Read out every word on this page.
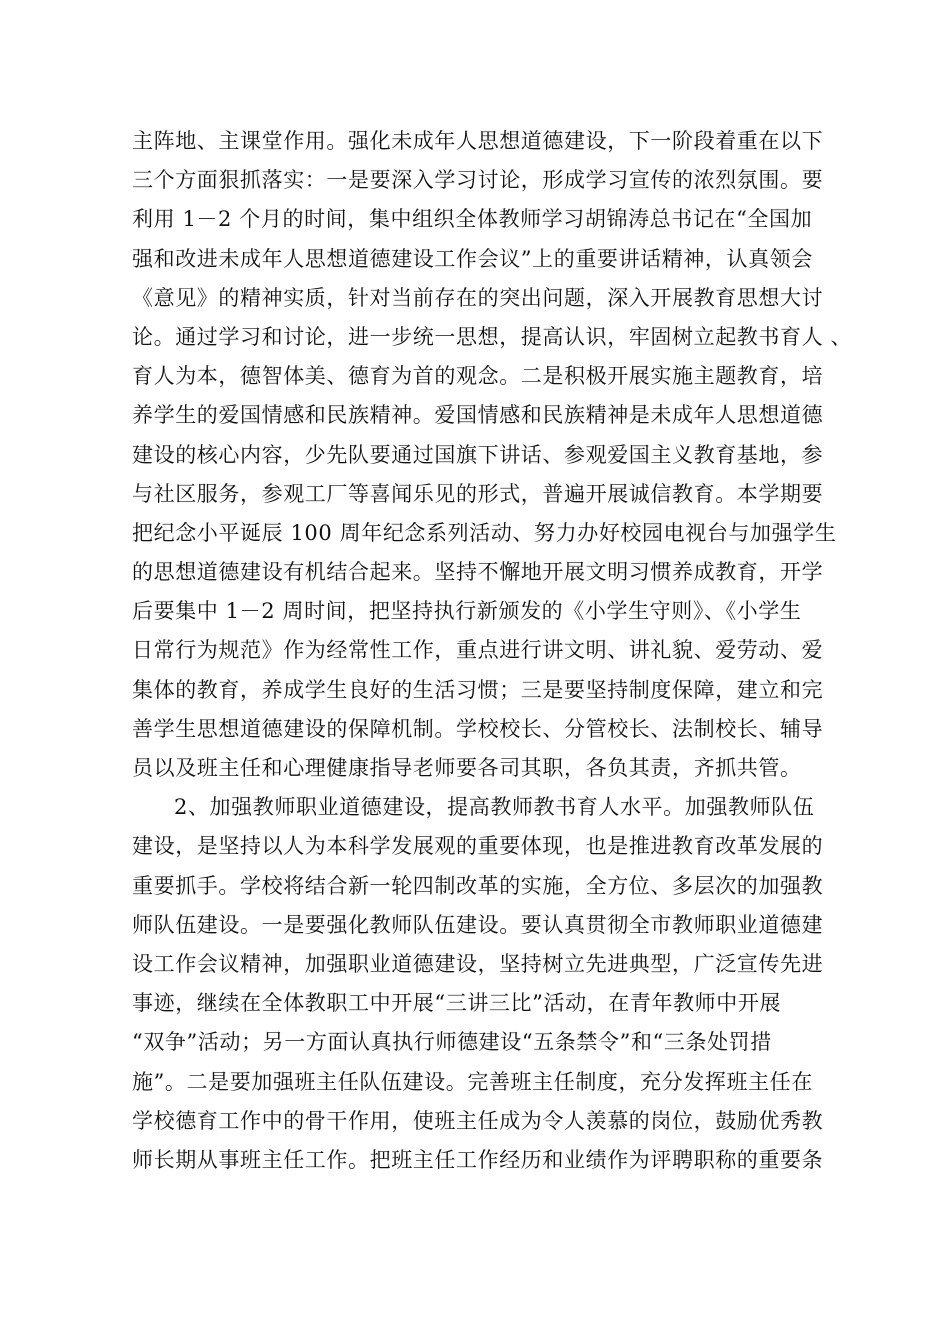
主阵地、主课堂作用。强化未成年人思想道德建设，下一阶段着重在以下
三个方面狠抓落实：一是要深入学习讨论，形成学习宣传的浓烈氛围。要
利用 1－2 个月的时间，集中组织全体教师学习胡锦涛总书记在“全国加
强和改进未成年人思想道德建设工作会议”上的重要讲话精神，认真领会
《意见》的精神实质，针对当前存在的突出问题，深入开展教育思想大讨
论。通过学习和讨论，进一步统一思想，提高认识，牢固树立起教书育人 、
育人为本，德智体美、德育为首的观念。二是积极开展实施主题教育，培
养学生的爱国情感和民族精神。爱国情感和民族精神是未成年人思想道德
建设的核心内容，少先队要通过国旗下讲话、参观爱国主义教育基地，参
与社区服务，参观工厂等喜闻乐见的形式，普遍开展诚信教育。本学期要
把纪念小平诞辰 100 周年纪念系列活动、努力办好校园电视台与加强学生
的思想道德建设有机结合起来。坚持不懈地开展文明习惯养成教育，开学
后要集中 1－2 周时间，把坚持执行新颁发的《小学生守则》、《小学生
日常行为规范》作为经常性工作，重点进行讲文明、讲礼貌、爱劳动、爱
集体的教育，养成学生良好的生活习惯；三是要坚持制度保障，建立和完
善学生思想道德建设的保障机制。学校校长、分管校长、法制校长、辅导
员以及班主任和心理健康指导老师要各司其职，各负其责，齐抓共管。
2、加强教师职业道德建设，提高教师教书育人水平。加强教师队伍
建设，是坚持以人为本科学发展观的重要体现，也是推进教育改革发展的
重要抓手。学校将结合新一轮四制改革的实施，全方位、多层次的加强教
师队伍建设。一是要强化教师队伍建设。要认真贯彻全市教师职业道德建
设工作会议精神，加强职业道德建设，坚持树立先进典型，广泛宣传先进
事迹，继续在全体教职工中开展“三讲三比”活动，在青年教师中开展
“双争”活动；另一方面认真执行师德建设“五条禁令”和“三条处罚措
施”。二是要加强班主任队伍建设。完善班主任制度，充分发挥班主任在
学校德育工作中的骨干作用，使班主任成为令人羡慕的岗位，鼓励优秀教
师长期从事班主任工作。把班主任工作经历和业绩作为评聘职称的重要条
